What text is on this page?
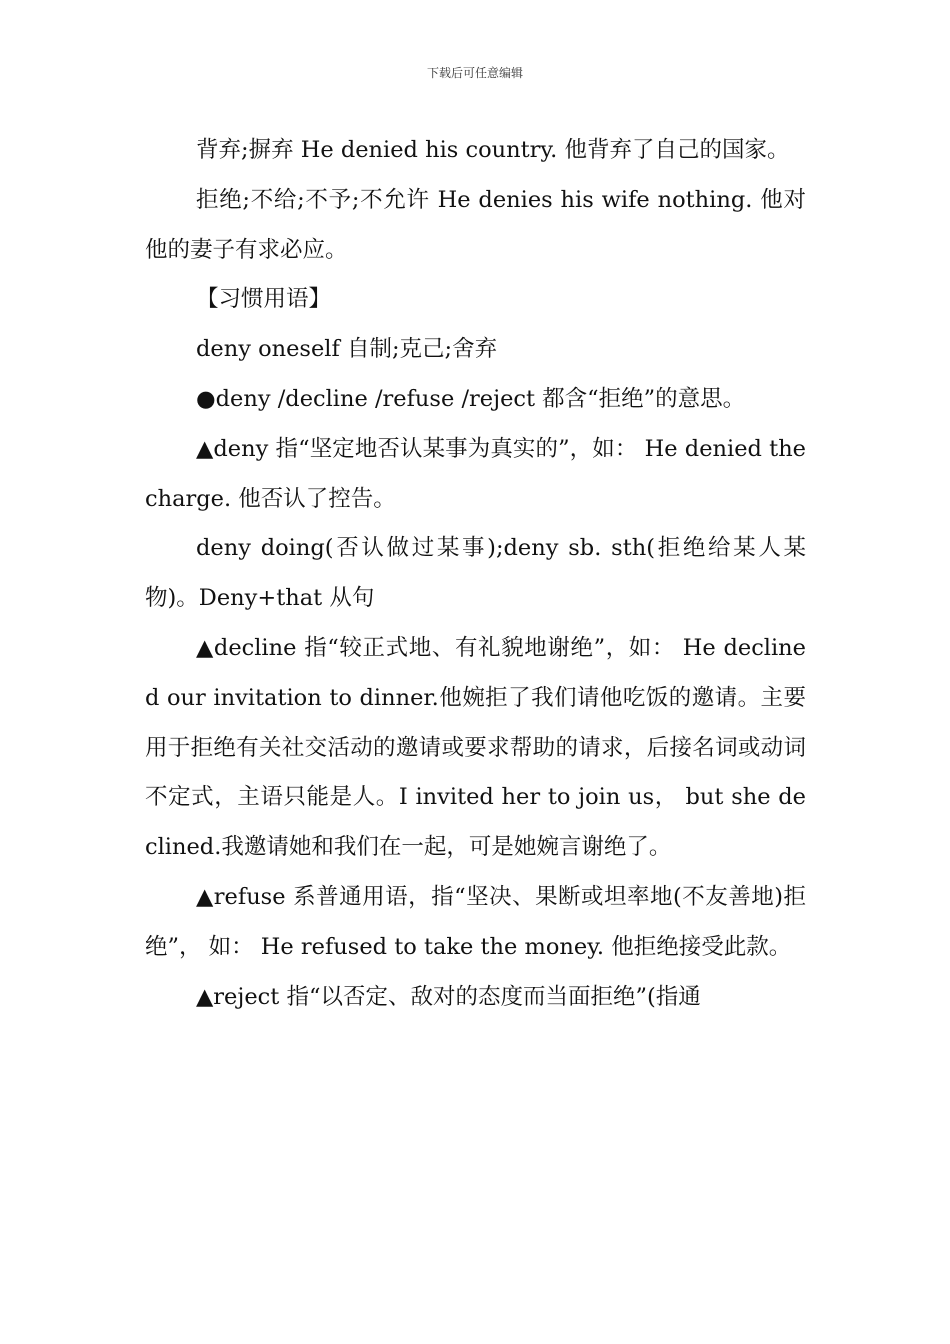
下载后可任意编辑

背弃;摒弃 He denied his country. 他背弃了自己的国家。

拒绝;不给;不予;不允许 He denies his wife nothing. 他对他的妻子有求必应。

【习惯用语】

deny oneself 自制;克己;舍弃

●deny /decline /refuse /reject 都含“拒绝”的意思。

▲deny 指“坚定地否认某事为真实的”，如： He denied the charge. 他否认了控告。

deny doing(否认做过某事);deny sb. sth(拒绝给某人某物)。Deny+that 从句

▲decline 指“较正式地、有礼貌地谢绝”，如： He declined our invitation to dinner.他婉拒了我们请他吃饭的邀请。主要用于拒绝有关社交活动的邀请或要求帮助的请求，后接名词或动词不定式，主语只能是人。I invited her to join us， but she declined.我邀请她和我们在一起，可是她婉言谢绝了。

▲refuse 系普通用语，指“坚决、果断或坦率地(不友善地)拒绝”， 如： He refused to take the money. 他拒绝接受此款。

▲reject 指“以否定、敌对的态度而当面拒绝”(指通
